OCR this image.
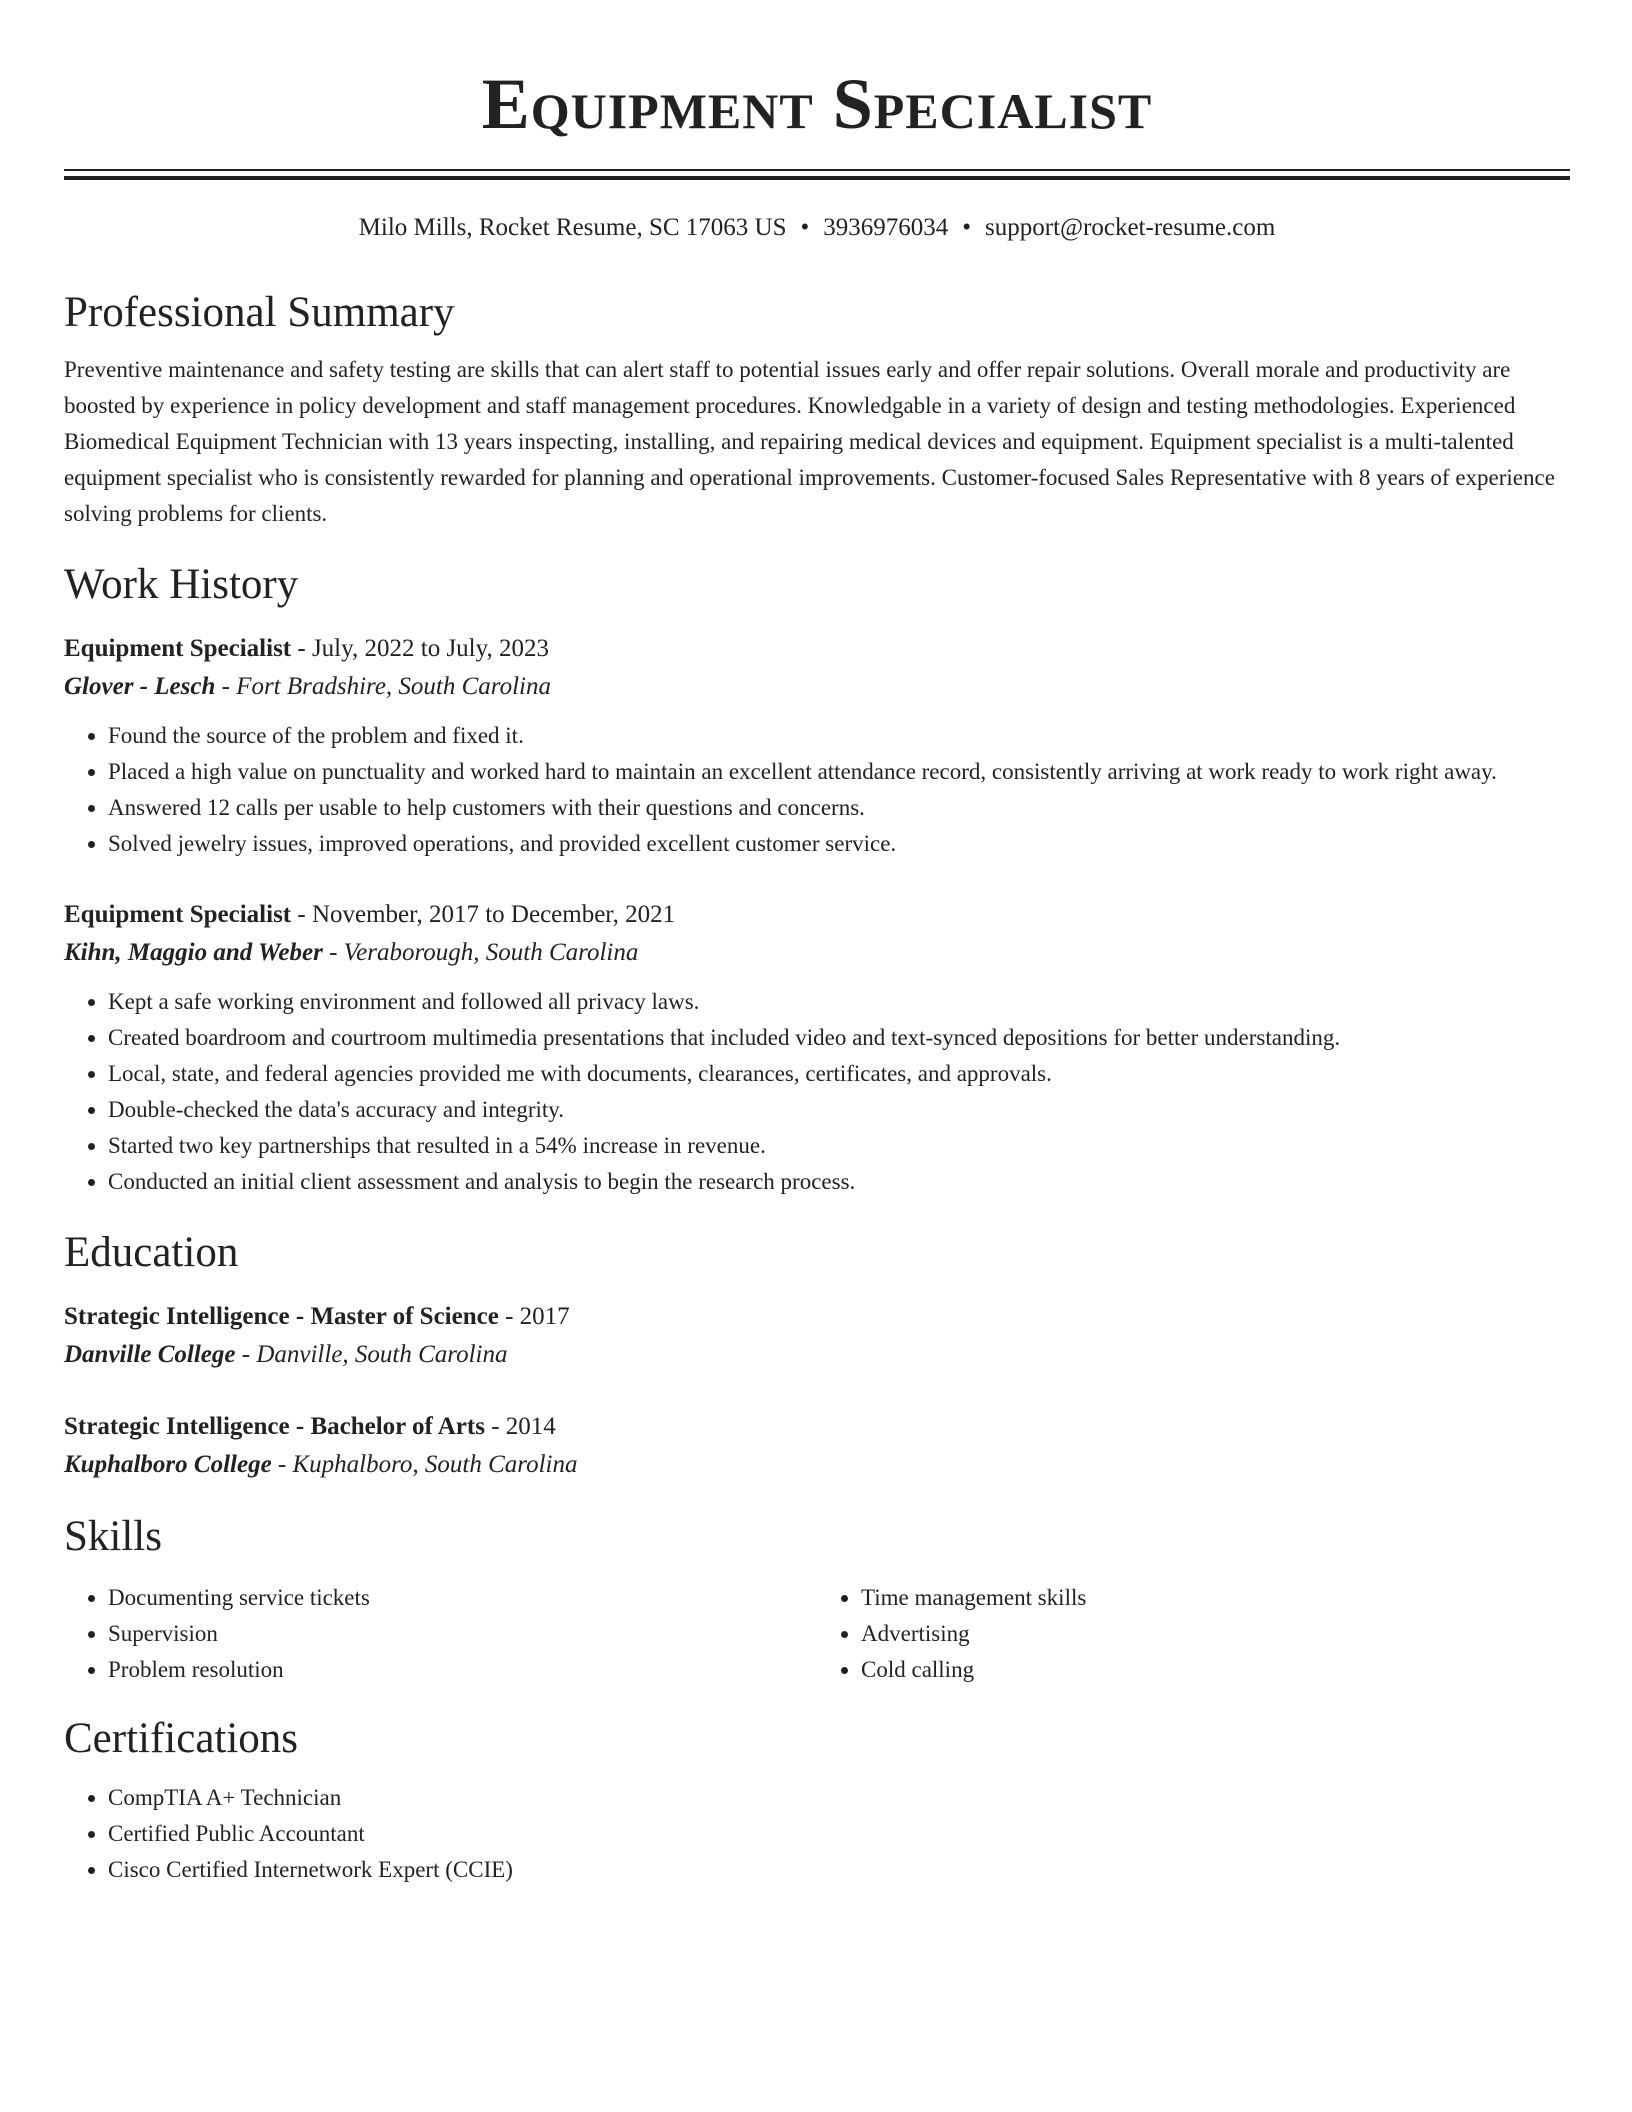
Equipment Specialist
Milo Mills, Rocket Resume, SC 17063 US • 3936976034 • support@rocket-resume.com
Professional Summary
Preventive maintenance and safety testing are skills that can alert staff to potential issues early and offer repair solutions. Overall morale and productivity are boosted by experience in policy development and staff management procedures. Knowledgable in a variety of design and testing methodologies. Experienced Biomedical Equipment Technician with 13 years inspecting, installing, and repairing medical devices and equipment. Equipment specialist is a multi-talented equipment specialist who is consistently rewarded for planning and operational improvements. Customer-focused Sales Representative with 8 years of experience solving problems for clients.
Work History
Equipment Specialist - July, 2022 to July, 2023
Glover - Lesch - Fort Bradshire, South Carolina
• Found the source of the problem and fixed it.
• Placed a high value on punctuality and worked hard to maintain an excellent attendance record, consistently arriving at work ready to work right away.
• Answered 12 calls per usable to help customers with their questions and concerns.
• Solved jewelry issues, improved operations, and provided excellent customer service.
Equipment Specialist - November, 2017 to December, 2021
Kihn, Maggio and Weber - Veraborough, South Carolina
• Kept a safe working environment and followed all privacy laws.
• Created boardroom and courtroom multimedia presentations that included video and text-synced depositions for better understanding.
• Local, state, and federal agencies provided me with documents, clearances, certificates, and approvals.
• Double-checked the data's accuracy and integrity.
• Started two key partnerships that resulted in a 54% increase in revenue.
• Conducted an initial client assessment and analysis to begin the research process.
Education
Strategic Intelligence - Master of Science - 2017
Danville College - Danville, South Carolina
Strategic Intelligence - Bachelor of Arts - 2014
Kuphalboro College - Kuphalboro, South Carolina
Skills
• Documenting service tickets
• Supervision
• Problem resolution
• Time management skills
• Advertising
• Cold calling
Certifications
• CompTIA A+ Technician
• Certified Public Accountant
• Cisco Certified Internetwork Expert (CCIE)
